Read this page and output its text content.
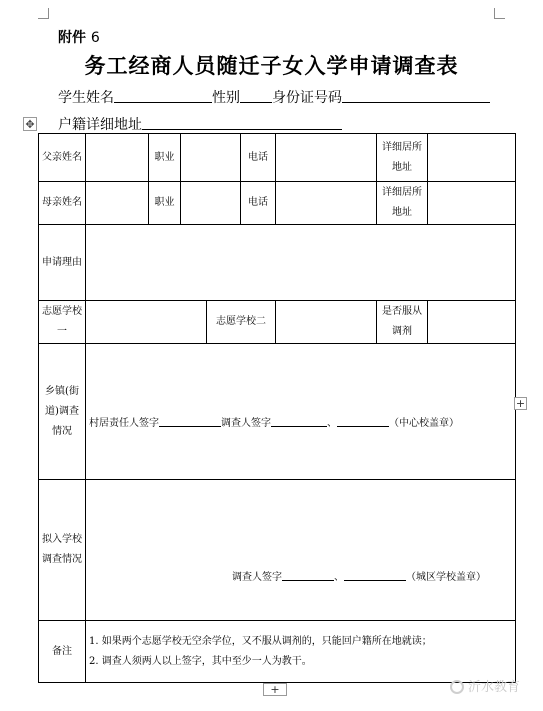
附件 6
务工经商人员随迁子女入学申请调查表
学生姓名	性别 身份证号码
✥ 户籍详细地址
父亲姓名		职业			电话		详细居所地址	
母亲姓名		职业			电话		详细居所地址	
申请理由								
志愿学校一				志愿学校二			是否服从调剂	
乡镇(街道)调查情况	村居责任人签字 调查人签字 、 （中心校盖章）							

拟入学校调查情况	调查人签字 、 （城区学校盖章）							

备注	1. 如果两个志愿学校无空余学位，又不服从调剂的，只能回户籍所在地就读；
2. 调查人须两人以上签字，其中至少一人为教干。							
+
+	沂水教育
